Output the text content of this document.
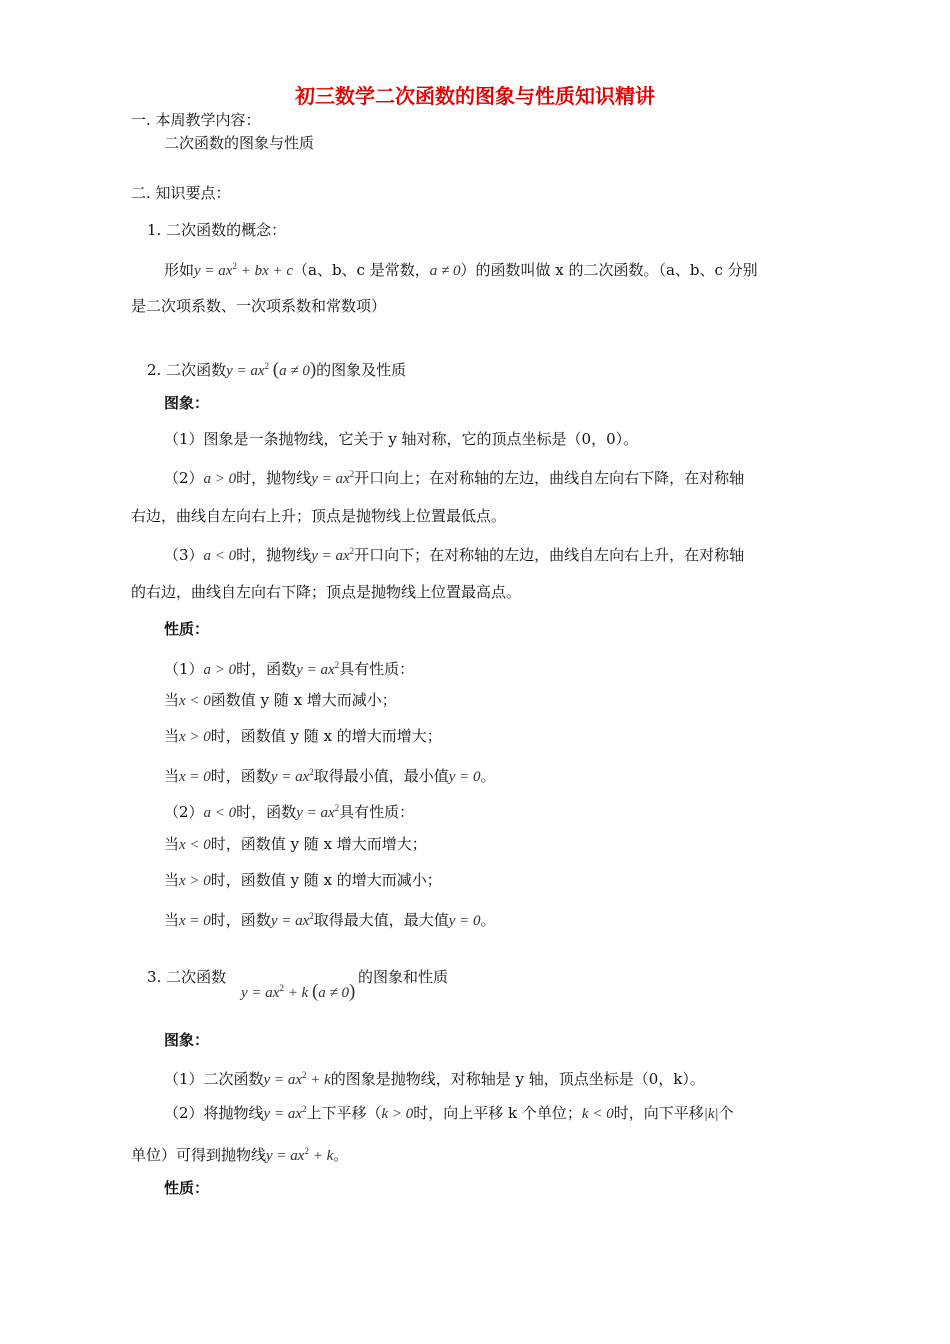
初三数学二次函数的图象与性质知识精讲
一. 本周教学内容：
二次函数的图象与性质
二. 知识要点：
1. 二次函数的概念：
形如$y = ax^2$ + bx + c（a、b、c 是常数，a ≠ 0）的函数叫做 x 的二次函数。（a、b、c 分别
是二次项系数、一次项系数和常数项）
2. 二次函数$y = ax^2$ (a ≠ 0)的图象及性质
图象：
（1）图象是一条抛物线，它关于 y 轴对称，它的顶点坐标是（0，0）。
（2）a > 0时，抛物线$y = ax^2$开口向上；在对称轴的左边，曲线自左向右下降，在对称轴
右边，曲线自左向右上升；顶点是抛物线上位置最低点。
（3）a < 0时，抛物线$y = ax^2$开口向下；在对称轴的左边，曲线自左向右上升，在对称轴
的右边，曲线自左向右下降；顶点是抛物线上位置最高点。
性质：
（1）a > 0时，函数$y = ax^2$具有性质：
当x < 0函数值 y 随 x 增大而减小；
当x > 0时，函数值 y 随 x 的增大而增大；
当x = 0时，函数$y = ax^2$取得最小值，最小值y = 0。
（2）a < 0时，函数$y = ax^2$具有性质：
当x < 0时，函数值 y 随 x 增大而增大；
当x > 0时，函数值 y 随 x 的增大而减小；
当x = 0时，函数$y = ax^2$取得最大值，最大值y = 0。
3. 二次函数
$y = ax^2 + k$ (a ≠ 0)
的图象和性质
图象：
（1）二次函数$y = ax^2 + k$的图象是抛物线，对称轴是 y 轴，顶点坐标是（0，k）。
（2）将抛物线$y = ax^2$上下平移（k > 0时，向上平移 k 个单位；k < 0时，向下平移|k|个
单位）可得到抛物线$y = ax^2 + k$。
性质：
